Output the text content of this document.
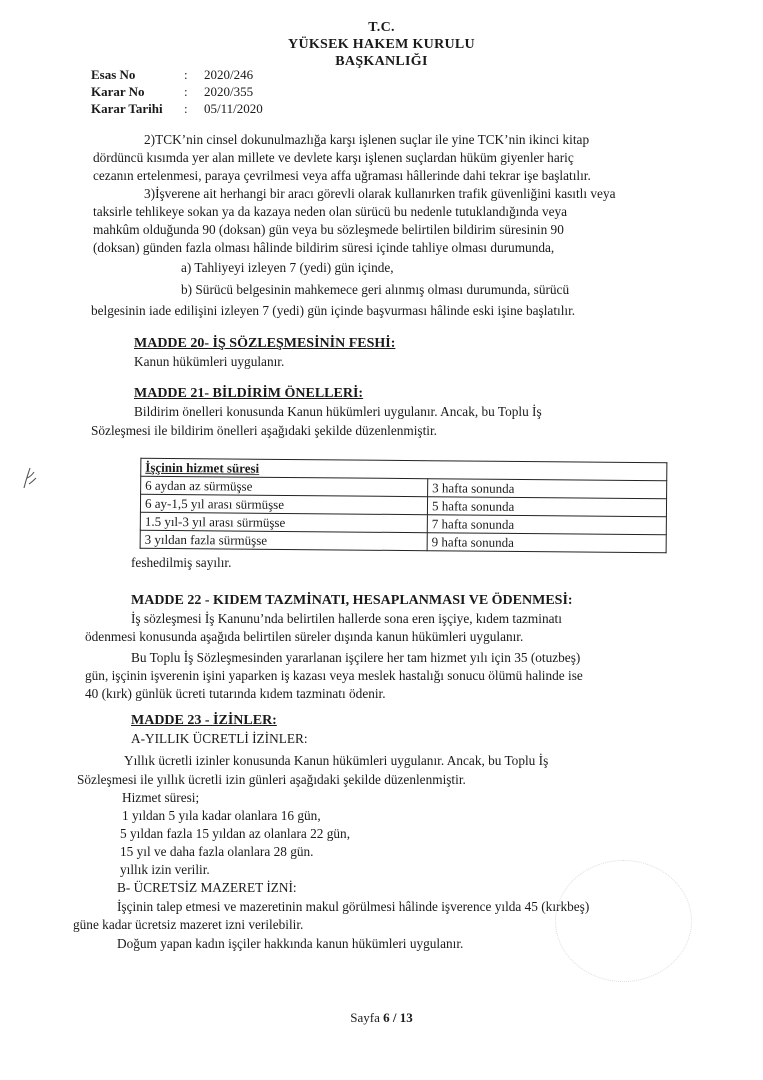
T.C.
YÜKSEK HAKEM KURULU
BAŞKANLIĞI
Esas No	: 2020/246
Karar No	: 2020/355
Karar Tarihi : 05/11/2020
2)TCK’nin cinsel dokunulmazlığa karşı işlenen suçlar ile yine TCK’nin ikinci kitap
dördüncü kısımda yer alan millete ve devlete karşı işlenen suçlardan hüküm giyenler hariç
cezanın ertelenmesi, paraya çevrilmesi veya affa uğraması hâllerinde dahi tekrar işe başlatılır.
3)İşverene ait herhangi bir aracı görevli olarak kullanırken trafik güvenliğini kasıtlı veya
taksirle tehlikeye sokan ya da kazaya neden olan sürücü bu nedenle tutuklandığında veya
mahkûm olduğunda 90 (doksan) gün veya bu sözleşmede belirtilen bildirim süresinin 90
(doksan) günden fazla olması hâlinde bildirim süresi içinde tahliye olması durumunda,
a) Tahliyeyi izleyen 7 (yedi) gün içinde,
b) Sürücü belgesinin mahkemece geri alınmış olması durumunda, sürücü
belgesinin iade edilişini izleyen 7 (yedi) gün içinde başvurması hâlinde eski işine başlatılır.
MADDE 20- İŞ SÖZLEŞMESİNİN FESHİ:
Kanun hükümleri uygulanır.
MADDE 21- BİLDİRİM ÖNELLERİ:
Bildirim önelleri konusunda Kanun hükümleri uygulanır. Ancak, bu Toplu İş
Sözleşmesi ile bildirim önelleri aşağıdaki şekilde düzenlenmiştir.
İşçinin hizmet süresi	
6 aydan az sürmüşse	3 hafta sonunda
6 ay-1,5 yıl arası sürmüşse	5 hafta sonunda
1.5 yıl-3 yıl arası sürmüşse	7 hafta sonunda
3 yıldan fazla sürmüşse	9 hafta sonunda
feshedilmiş sayılır.
MADDE 22 - KIDEM TAZMİNATI, HESAPLANMASI VE ÖDENMESİ:
İş sözleşmesi İş Kanunu’nda belirtilen hallerde sona eren işçiye, kıdem tazminatı
ödenmesi konusunda aşağıda belirtilen süreler dışında kanun hükümleri uygulanır.
Bu Toplu İş Sözleşmesinden yararlanan işçilere her tam hizmet yılı için 35 (otuzbeş)
gün, işçinin işverenin işini yaparken iş kazası veya meslek hastalığı sonucu ölümü halinde ise
40 (kırk) günlük ücreti tutarında kıdem tazminatı ödenir.
MADDE 23 - İZİNLER:
A-YILLIK ÜCRETLİ İZİNLER:
Yıllık ücretli izinler konusunda Kanun hükümleri uygulanır. Ancak, bu Toplu İş
Sözleşmesi ile yıllık ücretli izin günleri aşağıdaki şekilde düzenlenmiştir.
Hizmet süresi;
1 yıldan 5 yıla kadar olanlara 16 gün,
5 yıldan fazla 15 yıldan az olanlara 22 gün,
15 yıl ve daha fazla olanlara 28 gün.
yıllık izin verilir.
B- ÜCRETSİZ MAZERET İZNİ:
İşçinin talep etmesi ve mazeretinin makul görülmesi hâlinde işverence yılda 45 (kırkbeş)
güne kadar ücretsiz mazeret izni verilebilir.
Doğum yapan kadın işçiler hakkında kanun hükümleri uygulanır.
Sayfa 6 / 13
